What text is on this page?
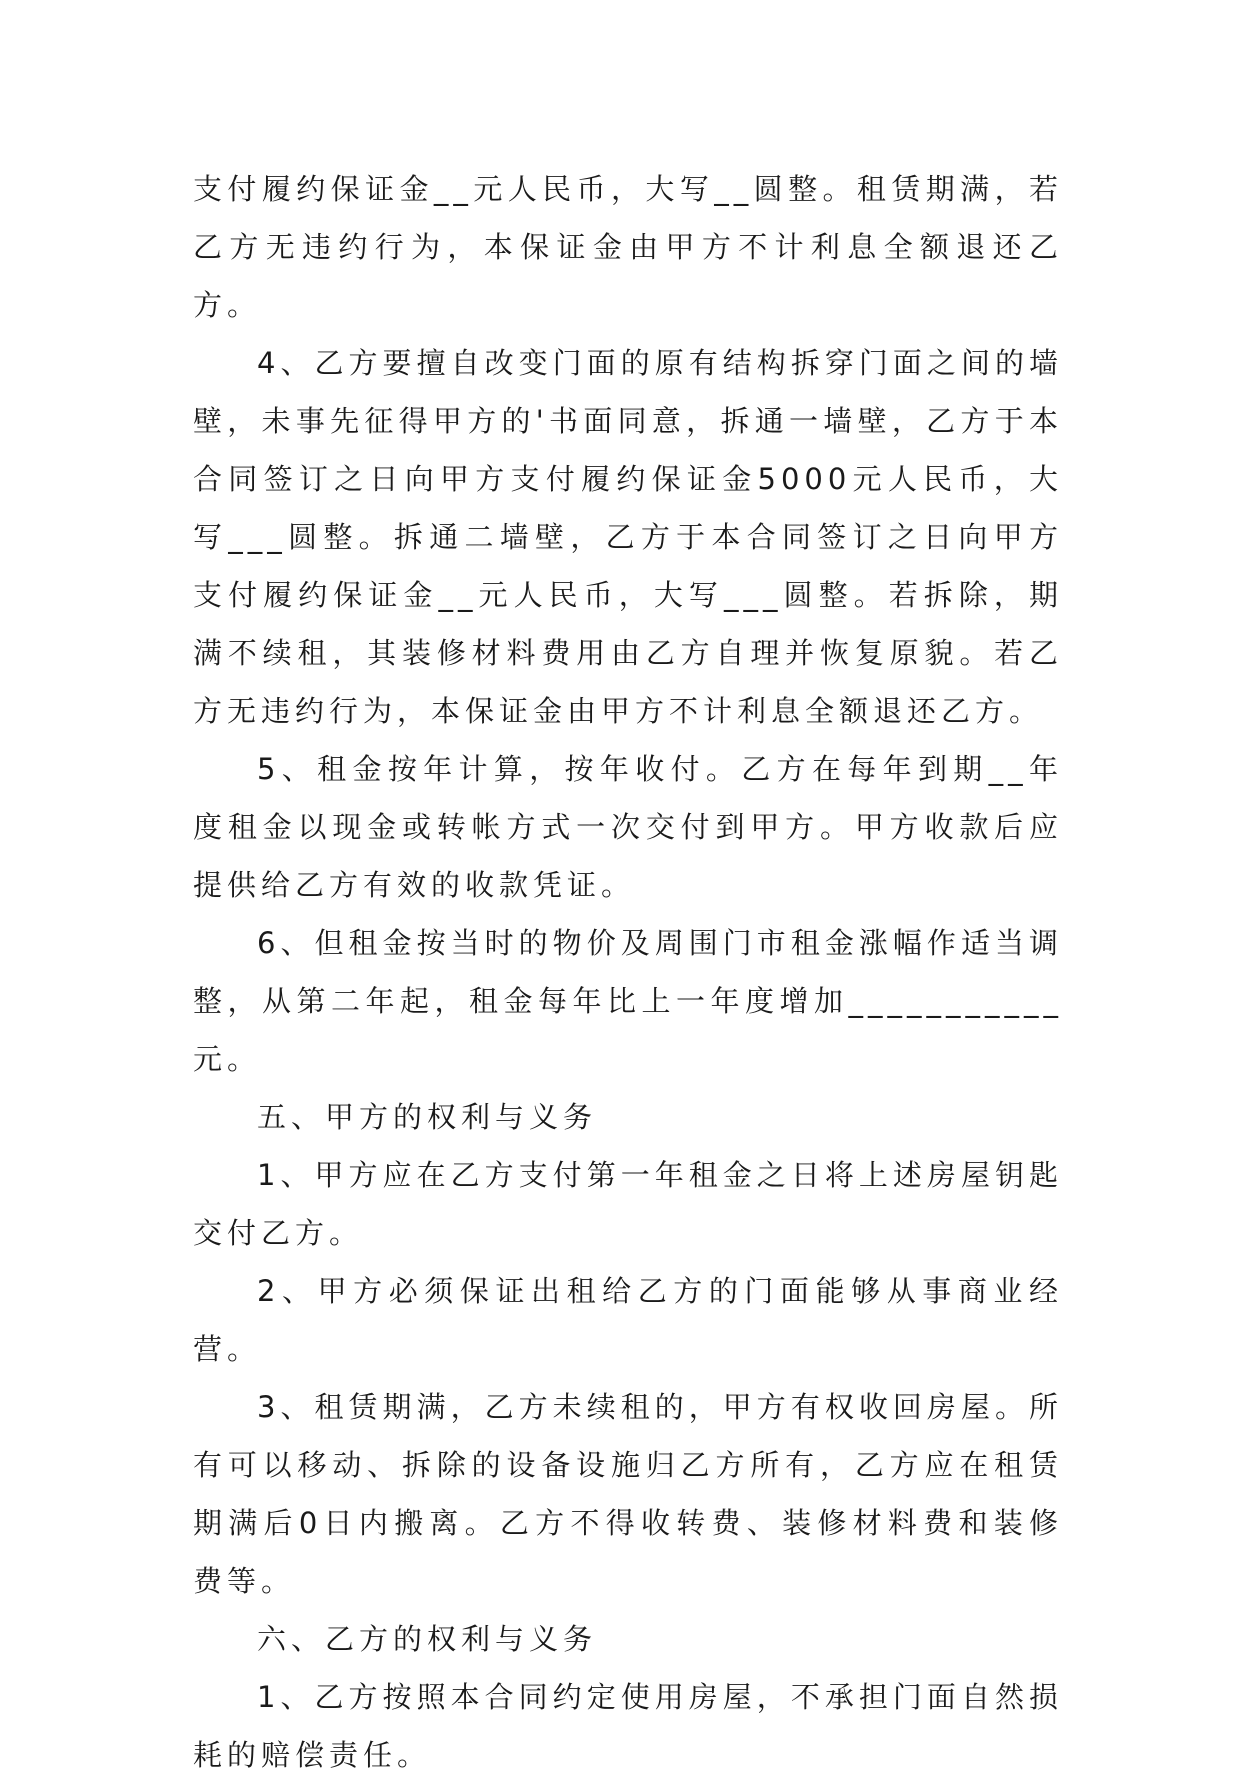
支付履约保证金__元人民币，大写__圆整。租赁期满，若乙方无违约行为，本保证金由甲方不计利息全额退还乙方。

4、乙方要擅自改变门面的原有结构拆穿门面之间的墙壁，未事先征得甲方的'书面同意，拆通一墙壁，乙方于本合同签订之日向甲方支付履约保证金5000元人民币，大写___圆整。拆通二墙壁，乙方于本合同签订之日向甲方支付履约保证金__元人民币，大写___圆整。若拆除，期满不续租，其装修材料费用由乙方自理并恢复原貌。若乙方无违约行为，本保证金由甲方不计利息全额退还乙方。

5、租金按年计算，按年收付。乙方在每年到期__年度租金以现金或转帐方式一次交付到甲方。甲方收款后应提供给乙方有效的收款凭证。

6、但租金按当时的物价及周围门市租金涨幅作适当调整，从第二年起，租金每年比上一年度增加___________元。

五、甲方的权利与义务

1、甲方应在乙方支付第一年租金之日将上述房屋钥匙交付乙方。

2、甲方必须保证出租给乙方的门面能够从事商业经营。

3、租赁期满，乙方未续租的，甲方有权收回房屋。所有可以移动、拆除的设备设施归乙方所有，乙方应在租赁期满后0日内搬离。乙方不得收转费、装修材料费和装修费等。

六、乙方的权利与义务

1、乙方按照本合同约定使用房屋，不承担门面自然损耗的赔偿责任。
